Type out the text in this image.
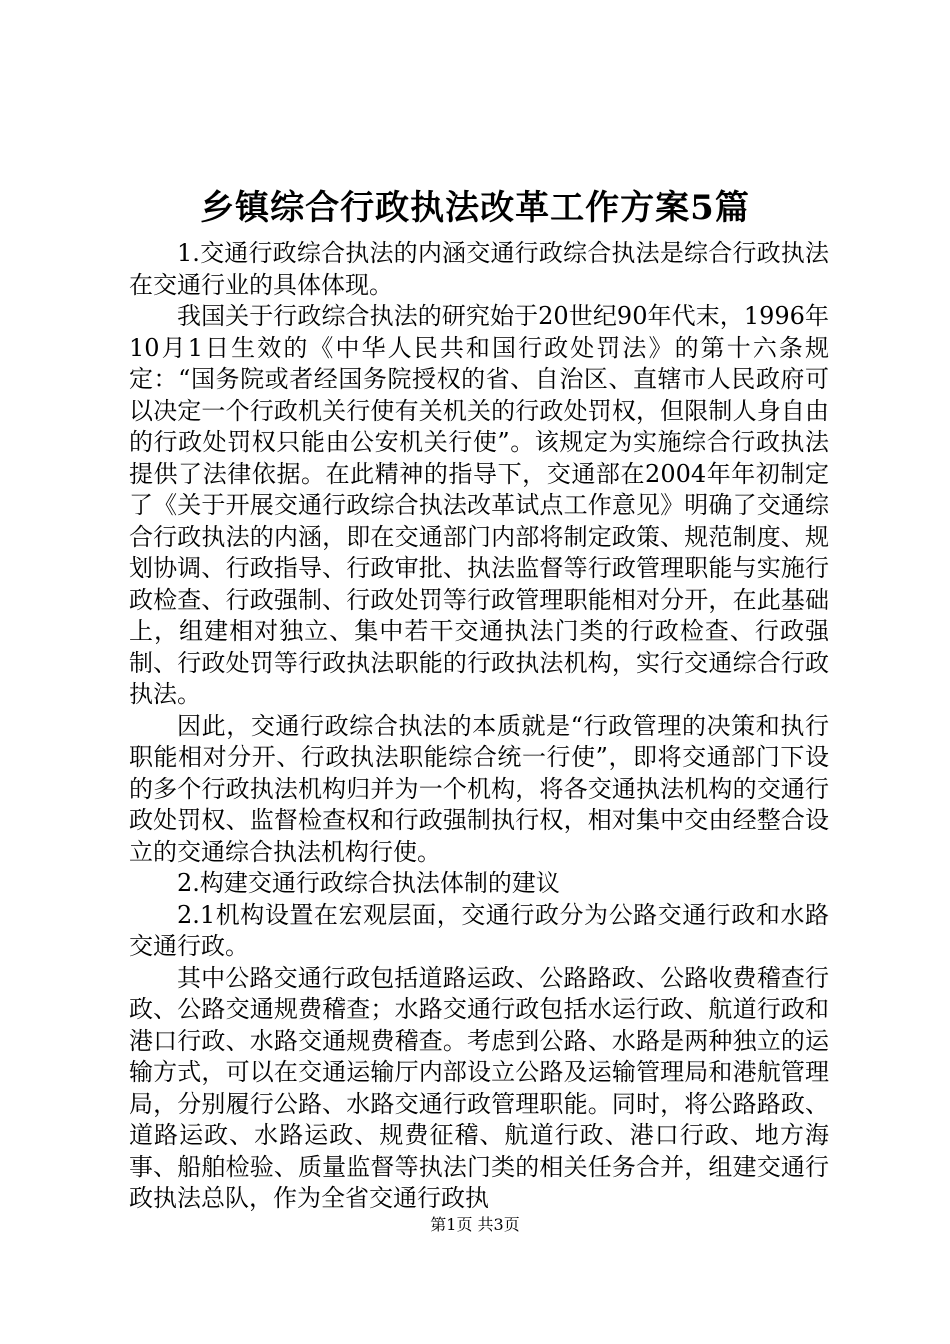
乡镇综合行政执法改革工作方案5篇

1.交通行政综合执法的内涵交通行政综合执法是综合行政执法在交通行业的具体体现。

我国关于行政综合执法的研究始于20世纪90年代末，1996年10月1日生效的《中华人民共和国行政处罚法》的第十六条规定：“国务院或者经国务院授权的省、自治区、直辖市人民政府可以决定一个行政机关行使有关机关的行政处罚权，但限制人身自由的行政处罚权只能由公安机关行使”。该规定为实施综合行政执法提供了法律依据。在此精神的指导下，交通部在2004年年初制定了《关于开展交通行政综合执法改革试点工作意见》明确了交通综合行政执法的内涵，即在交通部门内部将制定政策、规范制度、规划协调、行政指导、行政审批、执法监督等行政管理职能与实施行政检查、行政强制、行政处罚等行政管理职能相对分开，在此基础上，组建相对独立、集中若干交通执法门类的行政检查、行政强制、行政处罚等行政执法职能的行政执法机构，实行交通综合行政执法。

因此，交通行政综合执法的本质就是“行政管理的决策和执行职能相对分开、行政执法职能综合统一行使”，即将交通部门下设的多个行政执法机构归并为一个机构，将各交通执法机构的交通行政处罚权、监督检查权和行政强制执行权，相对集中交由经整合设立的交通综合执法机构行使。

2.构建交通行政综合执法体制的建议

2.1机构设置在宏观层面，交通行政分为公路交通行政和水路交通行政。

其中公路交通行政包括道路运政、公路路政、公路收费稽查行政、公路交通规费稽查；水路交通行政包括水运行政、航道行政和港口行政、水路交通规费稽查。考虑到公路、水路是两种独立的运输方式，可以在交通运输厅内部设立公路及运输管理局和港航管理局，分别履行公路、水路交通行政管理职能。同时，将公路路政、道路运政、水路运政、规费征稽、航道行政、港口行政、地方海事、船舶检验、质量监督等执法门类的相关任务合并，组建交通行政执法总队，作为全省交通行政执

第1页 共3页
